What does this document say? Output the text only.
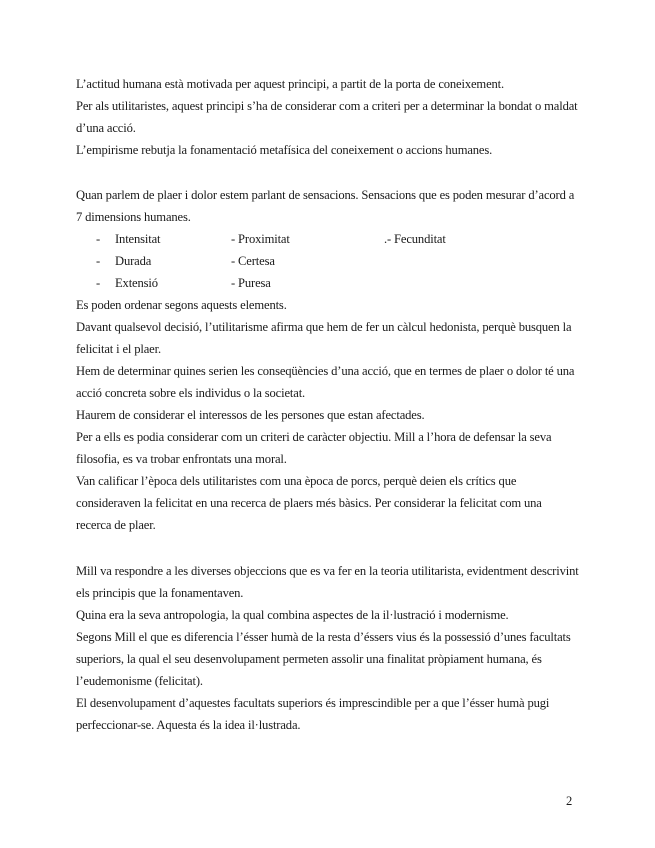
L’actitud humana està motivada per aquest principi, a partit de la porta de coneixement.

Per als utilitaristes, aquest principi s’ha de considerar com a criteri per a determinar la bondat o maldat d’una acció.

L’empirisme rebutja la fonamentació metafísica del coneixement o accions humanes.

Quan parlem de plaer i dolor estem parlant de sensacions. Sensacions que es poden mesurar d’acord a 7 dimensions humanes.

- Intensitat	- Proximitat	.- Fecunditat
- Durada	- Certesa
- Extensió	- Puresa

Es poden ordenar segons aquests elements.

Davant qualsevol decisió, l’utilitarisme afirma que hem de fer un càlcul hedonista, perquè busquen la felicitat i el plaer.

Hem de determinar quines serien les conseqüències d’una acció, que en termes de plaer o dolor té una acció concreta sobre els individus o la societat.

Haurem de considerar el interessos de les persones que estan afectades.

Per a ells es podia considerar com un criteri de caràcter objectiu. Mill a l’hora de defensar la seva filosofia, es va trobar enfrontats una moral.

Van calificar l’època dels utilitaristes com una època de porcs, perquè deien els crítics que consideraven la felicitat en una recerca de plaers més bàsics. Per considerar la felicitat com una recerca de plaer.

Mill va respondre a les diverses objeccions que es va fer en la teoria utilitarista, evidentment descrivint els principis que la fonamentaven.

Quina era la seva antropologia, la qual combina aspectes de la il·lustració i modernisme.

Segons Mill el que es diferencia l’ésser humà de la resta d’éssers vius és la possessió d’unes facultats superiors, la qual el seu desenvolupament permeten assolir una finalitat pròpiament humana, és l’eudemonisme (felicitat).

El desenvolupament d’aquestes facultats superiors és imprescindible per a que l’ésser humà pugi perfeccionar-se. Aquesta és la idea il·lustrada.

2
